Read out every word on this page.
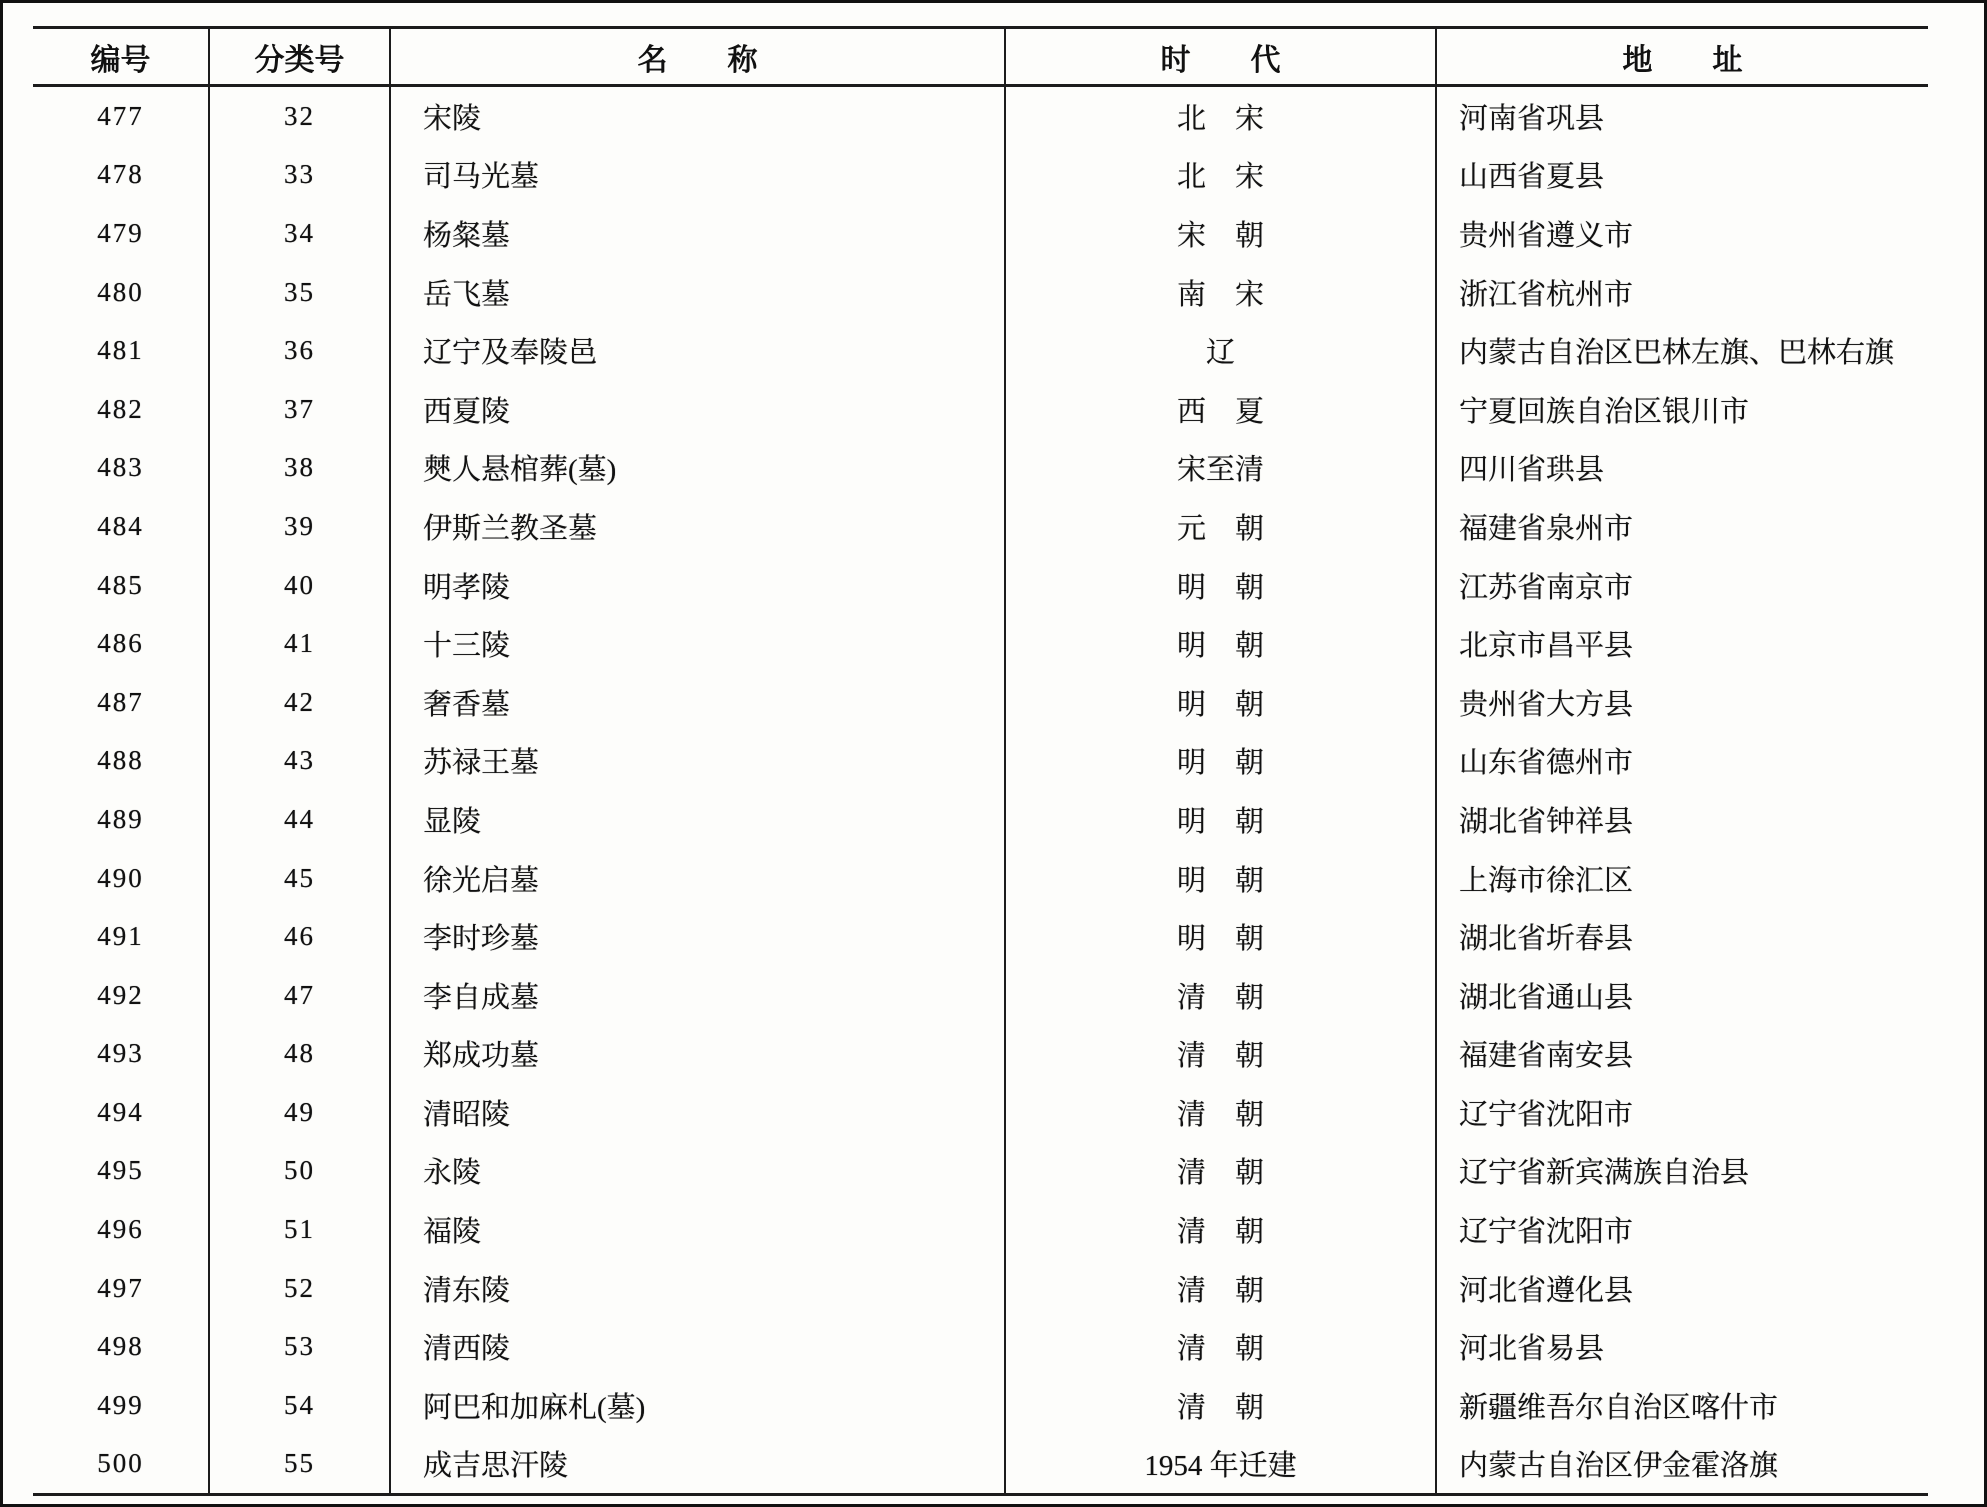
编号	分类号	名　　称	时　　代	地　　址
477	32	宋陵	北　宋	河南省巩县
478	33	司马光墓	北　宋	山西省夏县
479	34	杨粲墓	宋　朝	贵州省遵义市
480	35	岳飞墓	南　宋	浙江省杭州市
481	36	辽宁及奉陵邑	辽	内蒙古自治区巴林左旗、巴林右旗
482	37	西夏陵	西　夏	宁夏回族自治区银川市
483	38	僰人悬棺葬(墓)	宋至清	四川省珙县
484	39	伊斯兰教圣墓	元　朝	福建省泉州市
485	40	明孝陵	明　朝	江苏省南京市
486	41	十三陵	明　朝	北京市昌平县
487	42	奢香墓	明　朝	贵州省大方县
488	43	苏禄王墓	明　朝	山东省德州市
489	44	显陵	明　朝	湖北省钟祥县
490	45	徐光启墓	明　朝	上海市徐汇区
491	46	李时珍墓	明　朝	湖北省圻春县
492	47	李自成墓	清　朝	湖北省通山县
493	48	郑成功墓	清　朝	福建省南安县
494	49	清昭陵	清　朝	辽宁省沈阳市
495	50	永陵	清　朝	辽宁省新宾满族自治县
496	51	福陵	清　朝	辽宁省沈阳市
497	52	清东陵	清　朝	河北省遵化县
498	53	清西陵	清　朝	河北省易县
499	54	阿巴和加麻札(墓)	清　朝	新疆维吾尔自治区喀什市
500	55	成吉思汗陵	1954 年迁建	内蒙古自治区伊金霍洛旗
